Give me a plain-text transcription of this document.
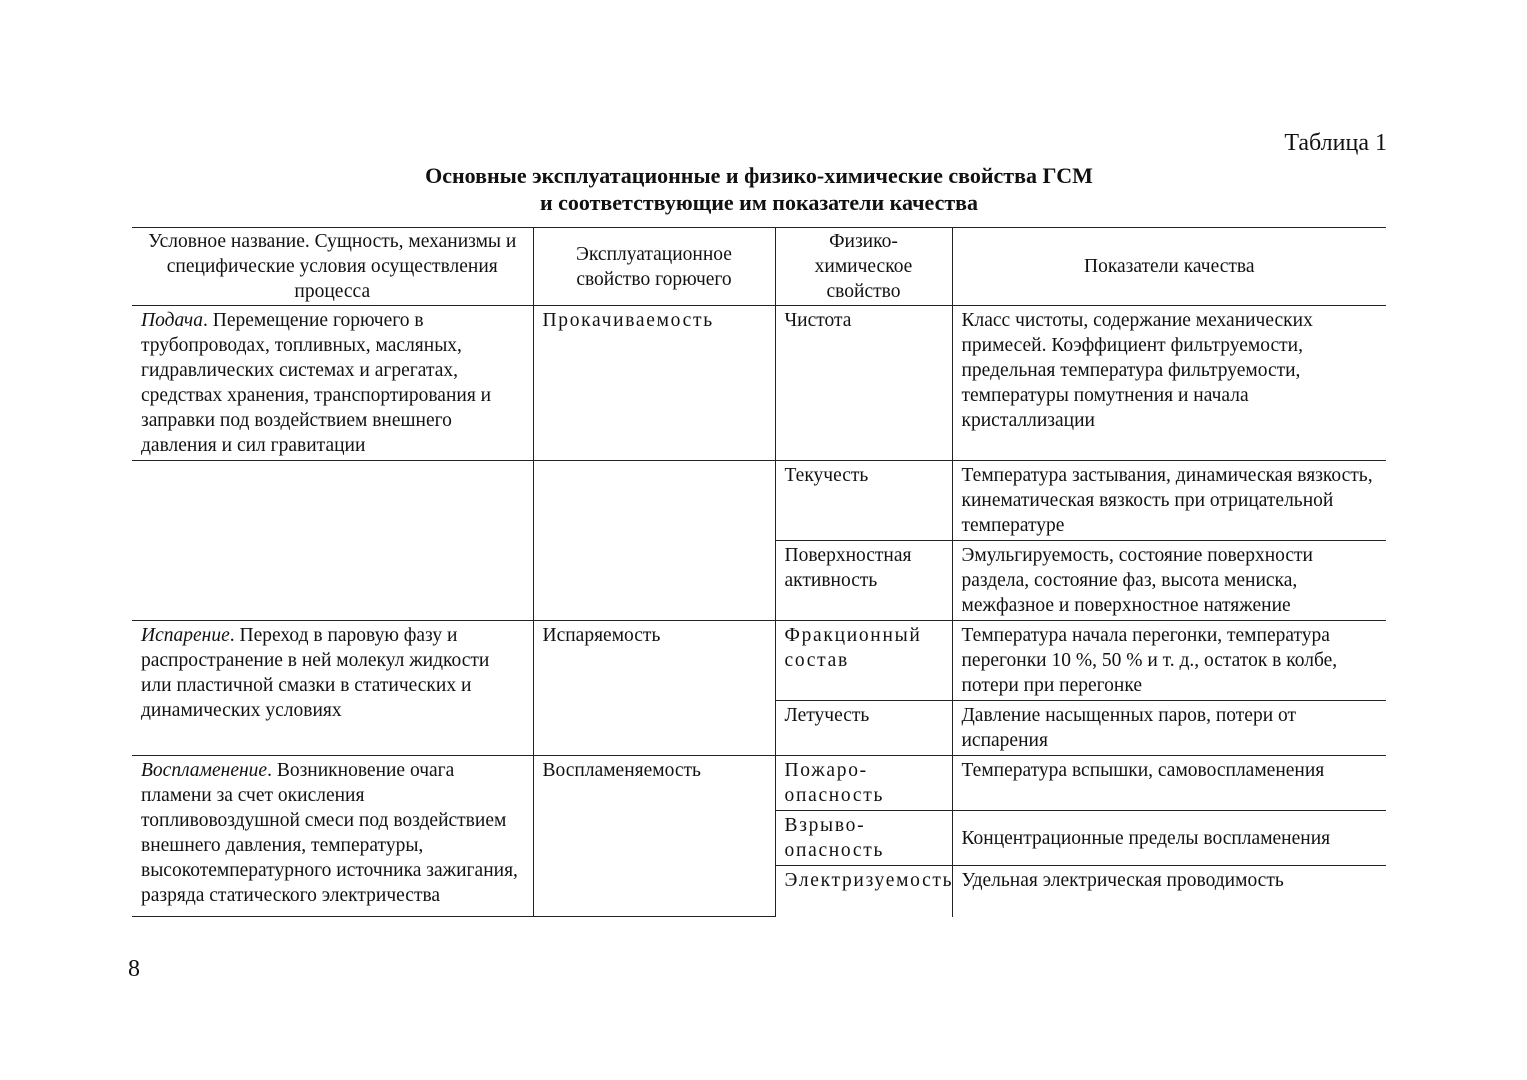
Таблица 1
Основные эксплуатационные и физико-химические свойства ГСМ
и соответствующие им показатели качества
Условное название. Сущность, механизмы и специфические условия осуществления процесса	Эксплуатационное свойство горючего	Физико-химическое свойство	Показатели качества
Подача. Перемещение горючего в трубопроводах, топливных, масляных, гидравлических системах и агрегатах, средствах хранения, транспортирования и заправки под воздействием внешнего давления и сил гравитации	Прокачиваемость	Чистота	Класс чистоты, содержание механических примесей. Коэффициент фильтруемости, предельная температура фильтруемости, температуры помутнения и начала кристаллизации
		Текучесть	Температура застывания, динамическая вязкость, кинематическая вязкость при отрицательной температуре
		Поверхностная активность	Эмульгируемость, состояние поверхности раздела, состояние фаз, высота мениска, межфазное и поверхностное натяжение
Испарение. Переход в паровую фазу и распространение в ней молекул жидкости или пластичной смазки в статических и динамических условиях	Испаряемость	Фракционный состав	Температура начала перегонки, температура перегонки 10 %, 50 % и т. д., остаток в колбе, потери при перегонке
		Летучесть	Давление насыщенных паров, потери от испарения
Воспламенение. Возникновение очага пламени за счет окисления топливовоздушной смеси под воздействием внешнего давления, температуры, высокотемпературного источника зажигания, разряда статического электричества	Воспламеняемость	Пожаро-опасность	Температура вспышки, самовоспламенения
		Взрыво-опасность	Концентрационные пределы воспламенения
		Электризуемость	Удельная электрическая проводимость
8
